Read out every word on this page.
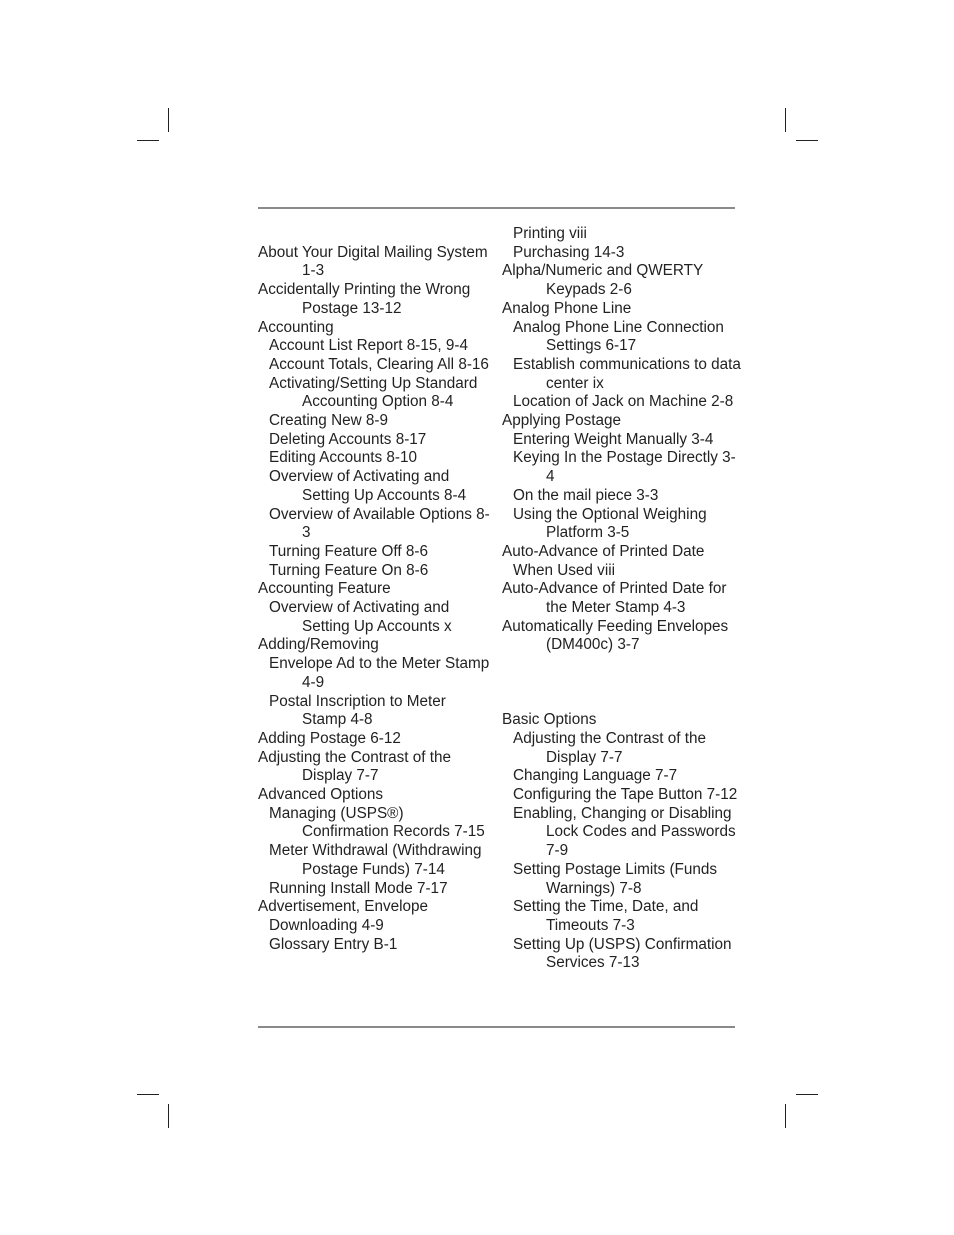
About Your Digital Mailing System 1-3
Accidentally Printing the Wrong Postage 13-12
Accounting
Account List Report 8-15, 9-4
Account Totals, Clearing All 8-16
Activating/Setting Up Standard Accounting Option 8-4
Creating New 8-9
Deleting Accounts 8-17
Editing Accounts 8-10
Overview of Activating and Setting Up Accounts 8-4
Overview of Available Options 8-3
Turning Feature Off 8-6
Turning Feature On 8-6
Accounting Feature
Overview of Activating and Setting Up Accounts x
Adding/Removing
Envelope Ad to the Meter Stamp 4-9
Postal Inscription to Meter Stamp 4-8
Adding Postage 6-12
Adjusting the Contrast of the Display 7-7
Advanced Options
Managing (USPS®) Confirmation Records 7-15
Meter Withdrawal (Withdrawing Postage Funds) 7-14
Running Install Mode 7-17
Advertisement, Envelope
Downloading 4-9
Glossary Entry B-1
Printing viii
Purchasing 14-3
Alpha/Numeric and QWERTY Keypads 2-6
Analog Phone Line
Analog Phone Line Connection Settings 6-17
Establish communications to data center ix
Location of Jack on Machine 2-8
Applying Postage
Entering Weight Manually 3-4
Keying In the Postage Directly 3-4
On the mail piece 3-3
Using the Optional Weighing Platform 3-5
Auto-Advance of Printed Date
When Used viii
Auto-Advance of Printed Date for the Meter Stamp 4-3
Automatically Feeding Envelopes (DM400c) 3-7
Basic Options
Adjusting the Contrast of the Display 7-7
Changing Language 7-7
Configuring the Tape Button 7-12
Enabling, Changing or Disabling Lock Codes and Passwords 7-9
Setting Postage Limits (Funds Warnings) 7-8
Setting the Time, Date, and Timeouts 7-3
Setting Up (USPS) Confirmation Services 7-13
